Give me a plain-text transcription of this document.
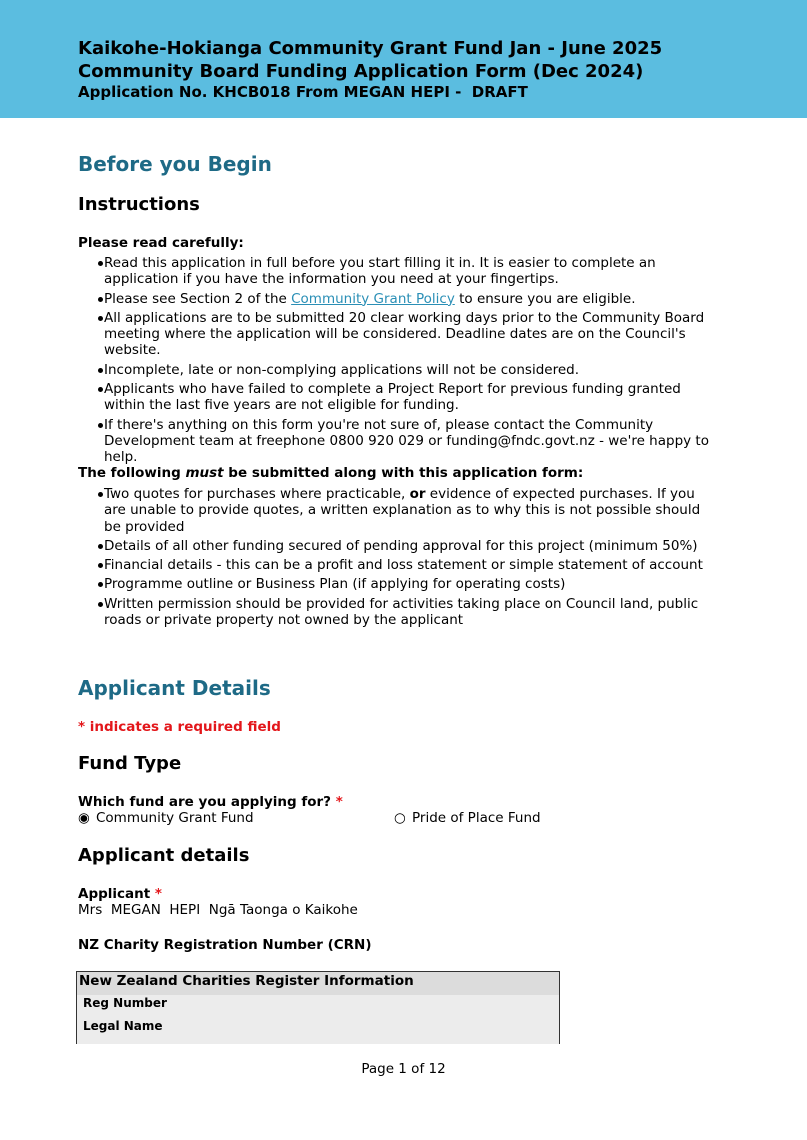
Kaikohe-Hokianga Community Grant Fund Jan - June 2025
Community Board Funding Application Form (Dec 2024)
Application No. KHCB018 From MEGAN HEPI -  DRAFT
Before you Begin
Instructions
Please read carefully:
Read this application in full before you start filling it in. It is easier to complete an application if you have the information you need at your fingertips.
Please see Section 2 of the Community Grant Policy to ensure you are eligible.
All applications are to be submitted 20 clear working days prior to the Community Board meeting where the application will be considered. Deadline dates are on the Council's website.
Incomplete, late or non-complying applications will not be considered.
Applicants who have failed to complete a Project Report for previous funding granted within the last five years are not eligible for funding.
If there's anything on this form you're not sure of, please contact the Community Development team at freephone 0800 920 029 or funding@fndc.govt.nz - we're happy to help.
The following must be submitted along with this application form:
Two quotes for purchases where practicable, or evidence of expected purchases. If you are unable to provide quotes, a written explanation as to why this is not possible should be provided
Details of all other funding secured of pending approval for this project (minimum 50%)
Financial details - this can be a profit and loss statement or simple statement of account
Programme outline or Business Plan (if applying for operating costs)
Written permission should be provided for activities taking place on Council land, public roads or private property not owned by the applicant
Applicant Details
* indicates a required field
Fund Type
Which fund are you applying for? *
◉ Community Grant Fund	○ Pride of Place Fund
Applicant details
Applicant *
Mrs  MEGAN  HEPI  Ngā Taonga o Kaikohe
NZ Charity Registration Number (CRN)
New Zealand Charities Register Information
Reg Number
Legal Name
Page 1 of 12
